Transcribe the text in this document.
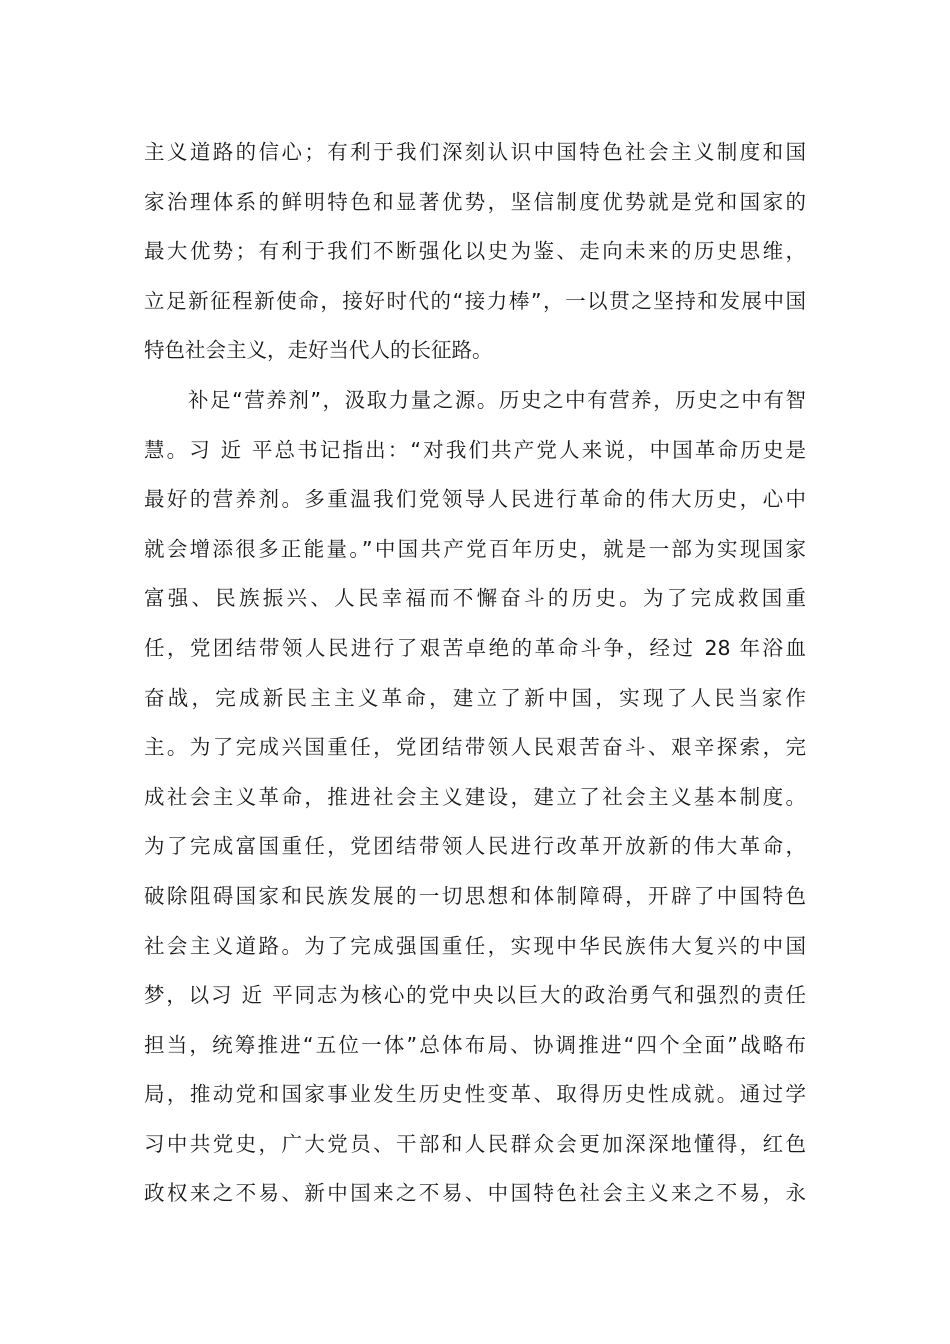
主义道路的信心；有利于我们深刻认识中国特色社会主义制度和国
家治理体系的鲜明特色和显著优势，坚信制度优势就是党和国家的
最大优势；有利于我们不断强化以史为鉴、走向未来的历史思维，
立足新征程新使命，接好时代的“接力棒”，一以贯之坚持和发展中国
特色社会主义，走好当代人的长征路。
补足“营养剂”，汲取力量之源。历史之中有营养，历史之中有智
慧。习 近 平总书记指出：“对我们共产党人来说，中国革命历史是
最好的营养剂。多重温我们党领导人民进行革命的伟大历史，心中
就会增添很多正能量。”中国共产党百年历史，就是一部为实现国家
富强、民族振兴、人民幸福而不懈奋斗的历史。为了完成救国重
任，党团结带领人民进行了艰苦卓绝的革命斗争，经过 28 年浴血
奋战，完成新民主主义革命，建立了新中国，实现了人民当家作
主。为了完成兴国重任，党团结带领人民艰苦奋斗、艰辛探索，完
成社会主义革命，推进社会主义建设，建立了社会主义基本制度。
为了完成富国重任，党团结带领人民进行改革开放新的伟大革命，
破除阻碍国家和民族发展的一切思想和体制障碍，开辟了中国特色
社会主义道路。为了完成强国重任，实现中华民族伟大复兴的中国
梦，以习 近 平同志为核心的党中央以巨大的政治勇气和强烈的责任
担当，统筹推进“五位一体”总体布局、协调推进“四个全面”战略布
局，推动党和国家事业发生历史性变革、取得历史性成就。通过学
习中共党史，广大党员、干部和人民群众会更加深深地懂得，红色
政权来之不易、新中国来之不易、中国特色社会主义来之不易，永
